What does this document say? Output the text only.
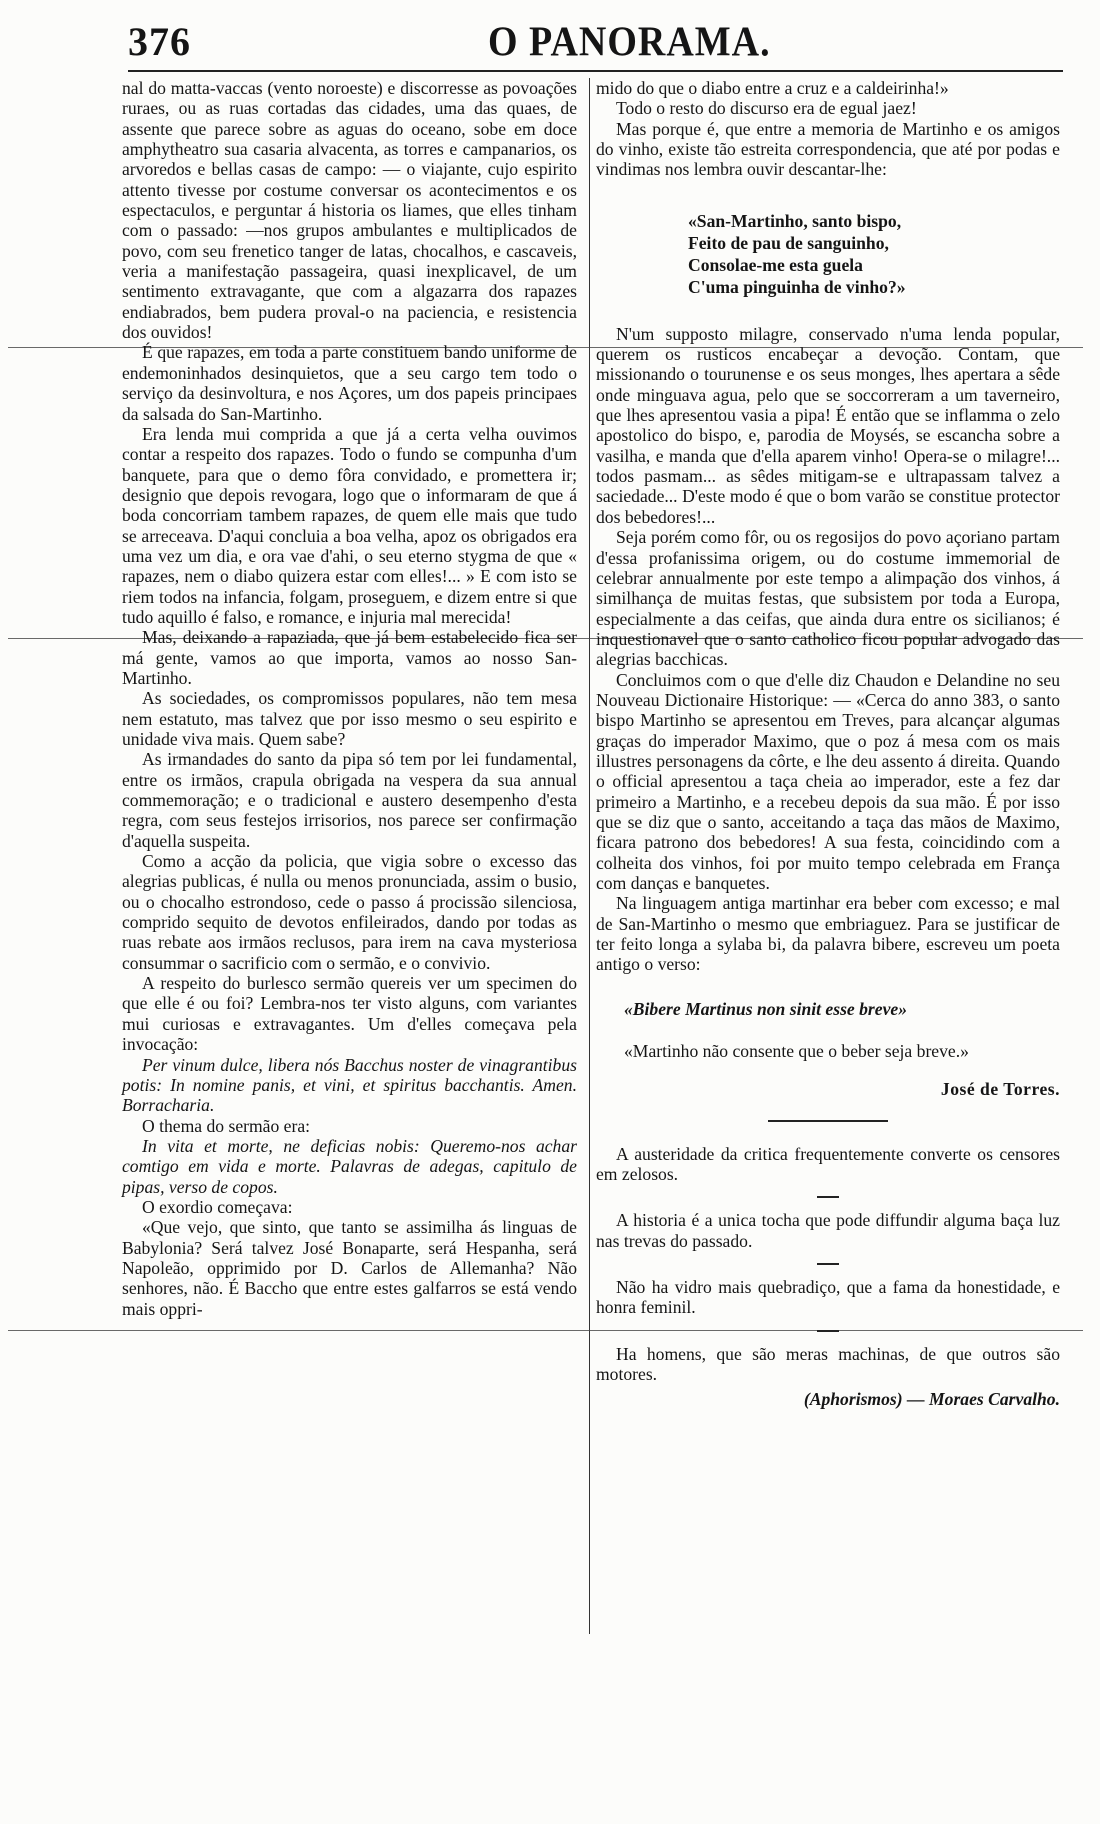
376	O PANORAMA.

nal do matta-vaccas (vento noroeste) e discorresse as povoações ruraes, ou as ruas cortadas das cidades, uma das quaes, de assente que parece sobre as aguas do oceano, sobe em doce amphytheatro sua casaria alvacenta, as torres e campanarios, os arvoredos e bellas casas de campo: — o viajante, cujo espirito attento tivesse por costume conversar os acontecimentos e os espectaculos, e perguntar á historia os liames, que elles tinham com o passado: —nos grupos ambulantes e multiplicados de povo, com seu frenetico tanger de latas, chocalhos, e cascaveis, veria a manifestação passageira, quasi inexplicavel, de um sentimento extravagante, que com a algazarra dos rapazes endiabrados, bem pudera proval-o na paciencia, e resistencia dos ouvidos!

É que rapazes, em toda a parte constituem bando uniforme de endemoninhados desinquietos, que a seu cargo tem todo o serviço da desinvoltura, e nos Açores, um dos papeis principaes da salsada do San-Martinho.

Era lenda mui comprida a que já a certa velha ouvimos contar a respeito dos rapazes. Todo o fundo se compunha d'um banquete, para que o demo fôra convidado, e promettera ir; designio que depois revogara, logo que o informaram de que á boda concorriam tambem rapazes, de quem elle mais que tudo se arreceava. D'aqui concluia a boa velha, apoz os obrigados era uma vez um dia, e ora vae d'ahi, o seu eterno stygma de que « rapazes, nem o diabo quizera estar com elles!... » E com isto se riem todos na infancia, folgam, proseguem, e dizem entre si que tudo aquillo é falso, e romance, e injuria mal merecida!

Mas, deixando a rapaziada, que já bem estabelecido fica ser má gente, vamos ao que importa, vamos ao nosso San-Martinho.

As sociedades, os compromissos populares, não tem mesa nem estatuto, mas talvez que por isso mesmo o seu espirito e unidade viva mais. Quem sabe?

As irmandades do santo da pipa só tem por lei fundamental, entre os irmãos, crapula obrigada na vespera da sua annual commemoração; e o tradicional e austero desempenho d'esta regra, com seus festejos irrisorios, nos parece ser confirmação d'aquella suspeita.

Como a acção da policia, que vigia sobre o excesso das alegrias publicas, é nulla ou menos pronunciada, assim o busio, ou o chocalho estrondoso, cede o passo á procissão silenciosa, comprido sequito de devotos enfileirados, dando por todas as ruas rebate aos irmãos reclusos, para irem na cava mysteriosa consummar o sacrificio com o sermão, e o convivio.

A respeito do burlesco sermão quereis ver um specimen do que elle é ou foi? Lembra-nos ter visto alguns, com variantes mui curiosas e extravagantes. Um d'elles começava pela invocação:

Per vinum dulce, libera nós Bacchus noster de vinagrantibus potis: In nomine panis, et vini, et spiritus bacchantis. Amen. Borracharia.

O thema do sermão era:

In vita et morte, ne deficias nobis: Queremo-nos achar comtigo em vida e morte. Palavras de adegas, capitulo de pipas, verso de copos.

O exordio começava:

«Que vejo, que sinto, que tanto se assimilha ás linguas de Babylonia? Será talvez José Bonaparte, será Hespanha, será Napoleão, opprimido por D. Carlos de Allemanha? Não senhores, não. É Baccho que entre estes galfarros se está vendo mais oppri-

mido do que o diabo entre a cruz e a caldeirinha!»

Todo o resto do discurso era de egual jaez!

Mas porque é, que entre a memoria de Martinho e os amigos do vinho, existe tão estreita correspondencia, que até por podas e vindimas nos lembra ouvir descantar-lhe:

«San-Martinho, santo bispo,
Feito de pau de sanguinho,
Consolae-me esta guela
C'uma pinguinha de vinho?»

N'um supposto milagre, conservado n'uma lenda popular, querem os rusticos encabeçar a devoção. Contam, que missionando o tourunense e os seus monges, lhes apertara a sêde onde minguava agua, pelo que se soccorreram a um taverneiro, que lhes apresentou vasia a pipa! É então que se inflamma o zelo apostolico do bispo, e, parodia de Moysés, se escancha sobre a vasilha, e manda que d'ella aparem vinho! Opera-se o milagre!... todos pasmam... as sêdes mitigam-se e ultrapassam talvez a saciedade... D'este modo é que o bom varão se constitue protector dos bebedores!...

Seja porém como fôr, ou os regosijos do povo açoriano partam d'essa profanissima origem, ou do costume immemorial de celebrar annualmente por este tempo a alimpação dos vinhos, á similhança de muitas festas, que subsistem por toda a Europa, especialmente a das ceifas, que ainda dura entre os sicilianos; é inquestionavel que o santo catholico ficou popular advogado das alegrias bacchicas.

Concluimos com o que d'elle diz Chaudon e Delandine no seu Nouveau Dictionaire Historique: — «Cerca do anno 383, o santo bispo Martinho se apresentou em Treves, para alcançar algumas graças do imperador Maximo, que o poz á mesa com os mais illustres personagens da côrte, e lhe deu assento á direita. Quando o official apresentou a taça cheia ao imperador, este a fez dar primeiro a Martinho, e a recebeu depois da sua mão. É por isso que se diz que o santo, acceitando a taça das mãos de Maximo, ficara patrono dos bebedores! A sua festa, coincidindo com a colheita dos vinhos, foi por muito tempo celebrada em França com danças e banquetes.

Na linguagem antiga martinhar era beber com excesso; e mal de San-Martinho o mesmo que embriaguez. Para se justificar de ter feito longa a sylaba bi, da palavra bibere, escreveu um poeta antigo o verso:

«Bibere Martinus non sinit esse breve»
«Martinho não consente que o beber seja breve.»
José de Torres.

A austeridade da critica frequentemente converte os censores em zelosos.

A historia é a unica tocha que pode diffundir alguma baça luz nas trevas do passado.

Não ha vidro mais quebradiço, que a fama da honestidade, e honra feminil.

Ha homens, que são meras machinas, de que outros são motores.

(Aphorismos) — Moraes Carvalho.
